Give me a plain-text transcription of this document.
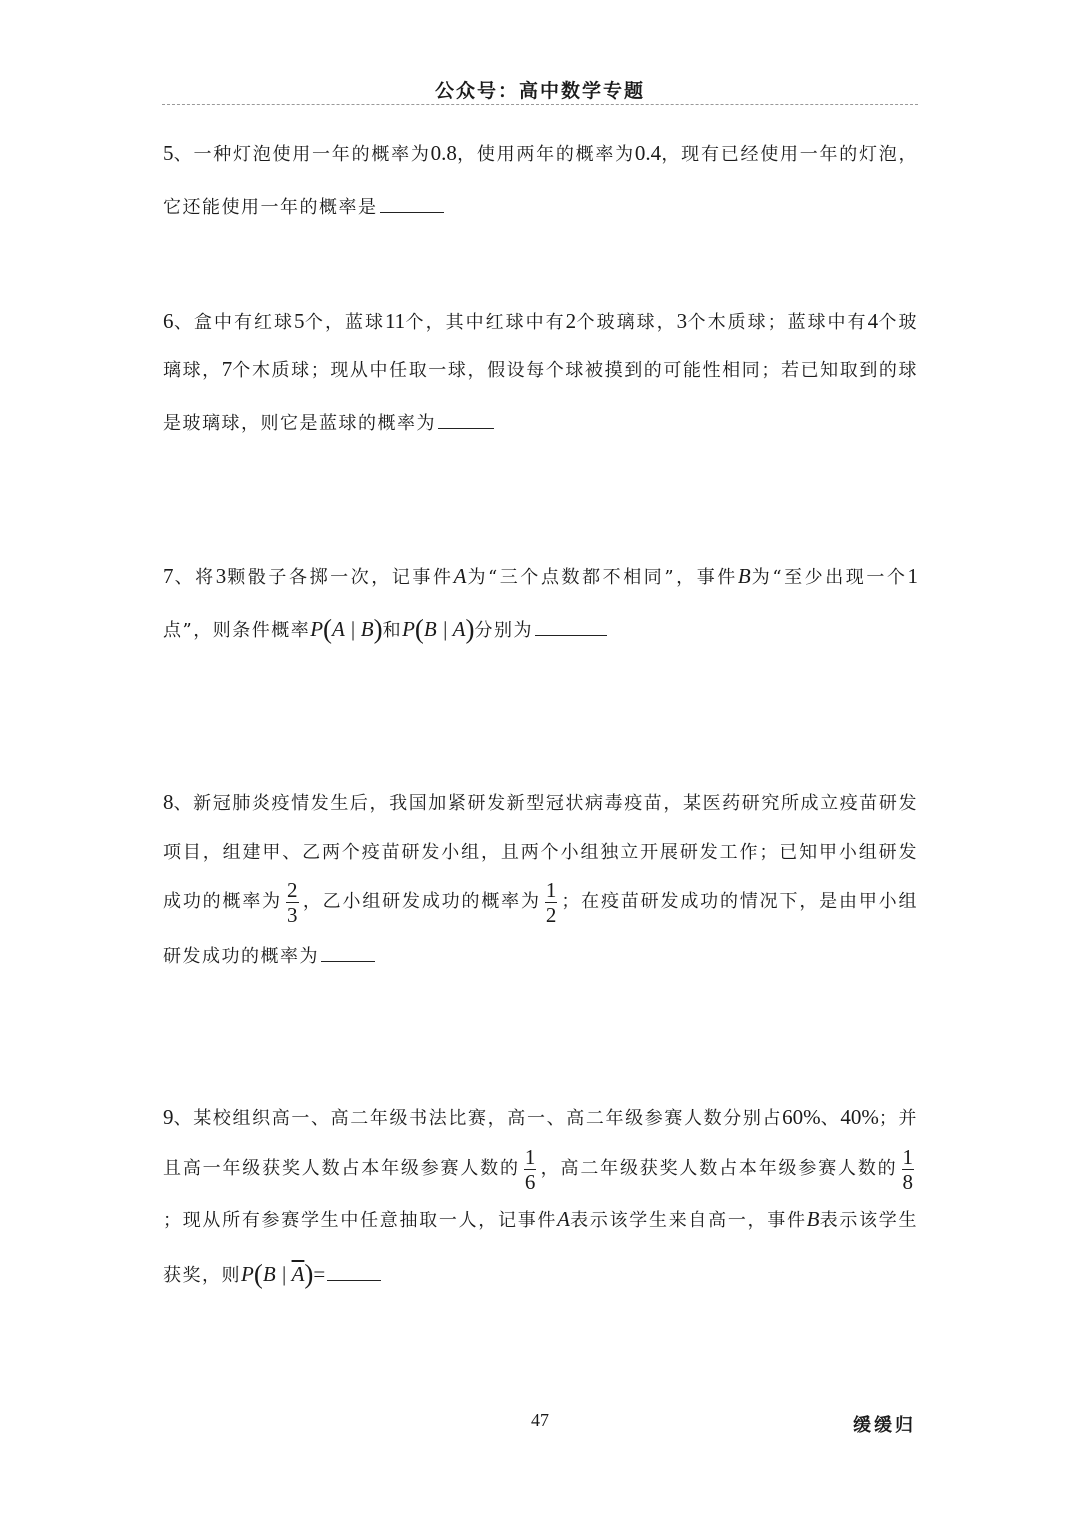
公众号：高中数学专题
5、一种灯泡使用一年的概率为0.8，使用两年的概率为0.4，现有已经使用一年的灯泡，它还能使用一年的概率是
6、盒中有红球5个，蓝球11个，其中红球中有2个玻璃球，3个木质球；蓝球中有4个玻璃球，7个木质球；现从中任取一球，假设每个球被摸到的可能性相同；若已知取到的球是玻璃球，则它是蓝球的概率为
7、将3颗骰子各掷一次，记事件A为“三个点数都不相同”，事件B为“至少出现一个1点”，则条件概率P(A | B)和P(B | A)分别为
8、新冠肺炎疫情发生后，我国加紧研发新型冠状病毒疫苗，某医药研究所成立疫苗研发项目，组建甲、乙两个疫苗研发小组，且两个小组独立开展研发工作；已知甲小组研发成功的概率为 $\frac{2}{3}$ ，乙小组研发成功的概率为 $\frac{1}{2}$ ；在疫苗研发成功的情况下，是由甲小组研发成功的概率为
9、某校组织高一、高二年级书法比赛，高一、高二年级参赛人数分别占60%、40%；并且高一年级获奖人数占本年级参赛人数的 $\frac{1}{6}$ ，高二年级获奖人数占本年级参赛人数的 $\frac{1}{8}$
；现从所有参赛学生中任意抽取一人，记事件A表示该学生来自高一，事件B表示该学生获奖，则P(B | $\overline{A})=$
47	缓缓归
